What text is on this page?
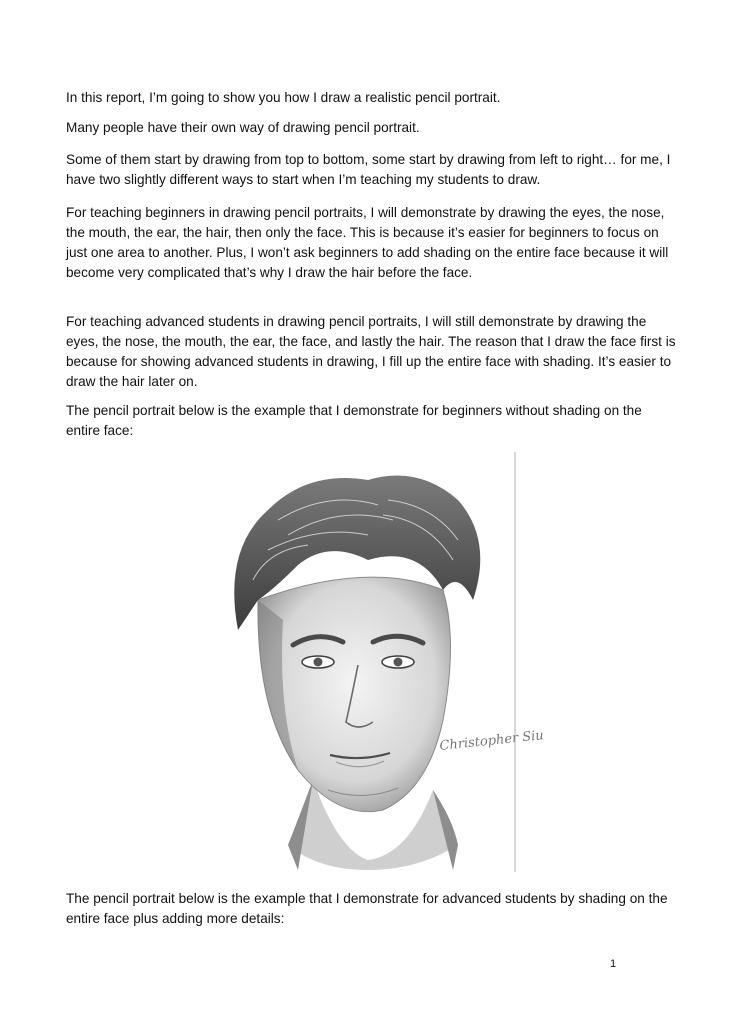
In this report, I’m going to show you how I draw a realistic pencil portrait.

Many people have their own way of drawing pencil portrait.

Some of them start by drawing from top to bottom, some start by drawing from left to right… for me, I have two slightly different ways to start when I’m teaching my students to draw.

For teaching beginners in drawing pencil portraits, I will demonstrate by drawing the eyes, the nose, the mouth, the ear, the hair, then only the face. This is because it’s easier for beginners to focus on just one area to another. Plus, I won’t ask beginners to add shading on the entire face because it will become very complicated that’s why I draw the hair before the face.

For teaching advanced students in drawing pencil portraits, I will still demonstrate by drawing the eyes, the nose, the mouth, the ear, the face, and lastly the hair. The reason that I draw the face first is because for showing advanced students in drawing, I fill up the entire face with shading. It’s easier to draw the hair later on.

The pencil portrait below is the example that I demonstrate for beginners without shading on the entire face:

Christopher Siu

The pencil portrait below is the example that I demonstrate for advanced students by shading on the entire face plus adding more details:

1
